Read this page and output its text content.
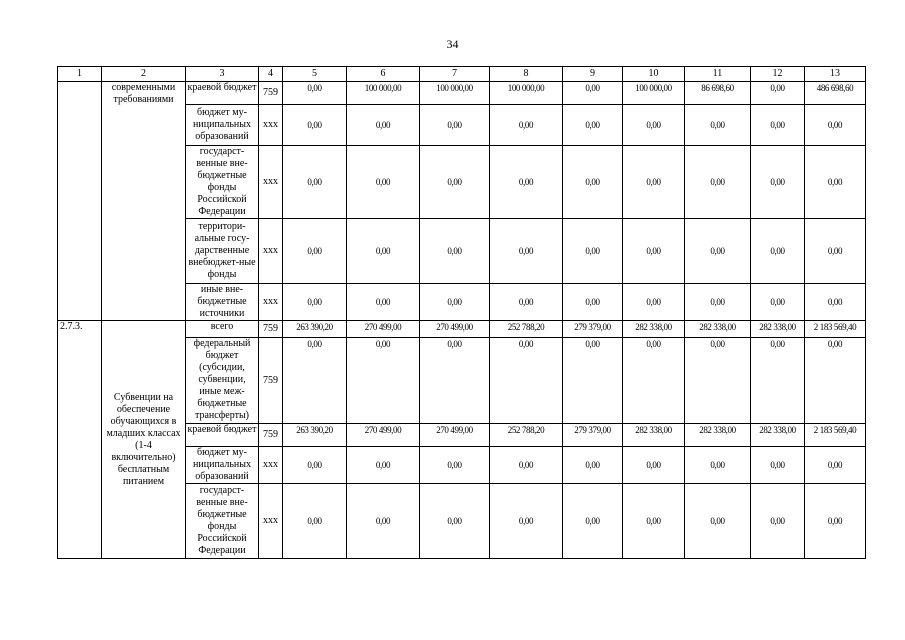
34
1	2	3	4	5	6	7	8	9	10	11	12	13
	современными требованиями	краевой бюджет	759	0,00	100 000,00	100 000,00	100 000,00	0,00	100 000,00	86 698,60	0,00	486 698,60
		бюджет му-ниципальных образований	ххх	0,00	0,00	0,00	0,00	0,00	0,00	0,00	0,00	0,00
		государст-венные вне-бюджетные фонды Российской Федерации	ххх	0,00	0,00	0,00	0,00	0,00	0,00	0,00	0,00	0,00
		территори-альные госу-дарственные внебюджет-ные фонды	ххх	0,00	0,00	0,00	0,00	0,00	0,00	0,00	0,00	0,00
		иные вне-бюджетные источники	ххх	0,00	0,00	0,00	0,00	0,00	0,00	0,00	0,00	0,00
2.7.3.	Субвенции на обеспечение обучающихся в младших классах (1-4 включительно) бесплатным питанием	всего	759	263 390,20	270 499,00	270 499,00	252 788,20	279 379,00	282 338,00	282 338,00	282 338,00	2 183 569,40
		федеральный бюджет (субсидии, субвенции, иные меж-бюджетные трансферты)	759	0,00	0,00	0,00	0,00	0,00	0,00	0,00	0,00	0,00
		краевой бюджет	759	263 390,20	270 499,00	270 499,00	252 788,20	279 379,00	282 338,00	282 338,00	282 338,00	2 183 569,40
		бюджет му-ниципальных образований	ххх	0,00	0,00	0,00	0,00	0,00	0,00	0,00	0,00	0,00
		государст-венные вне-бюджетные фонды Российской Федерации	ххх	0,00	0,00	0,00	0,00	0,00	0,00	0,00	0,00	0,00
